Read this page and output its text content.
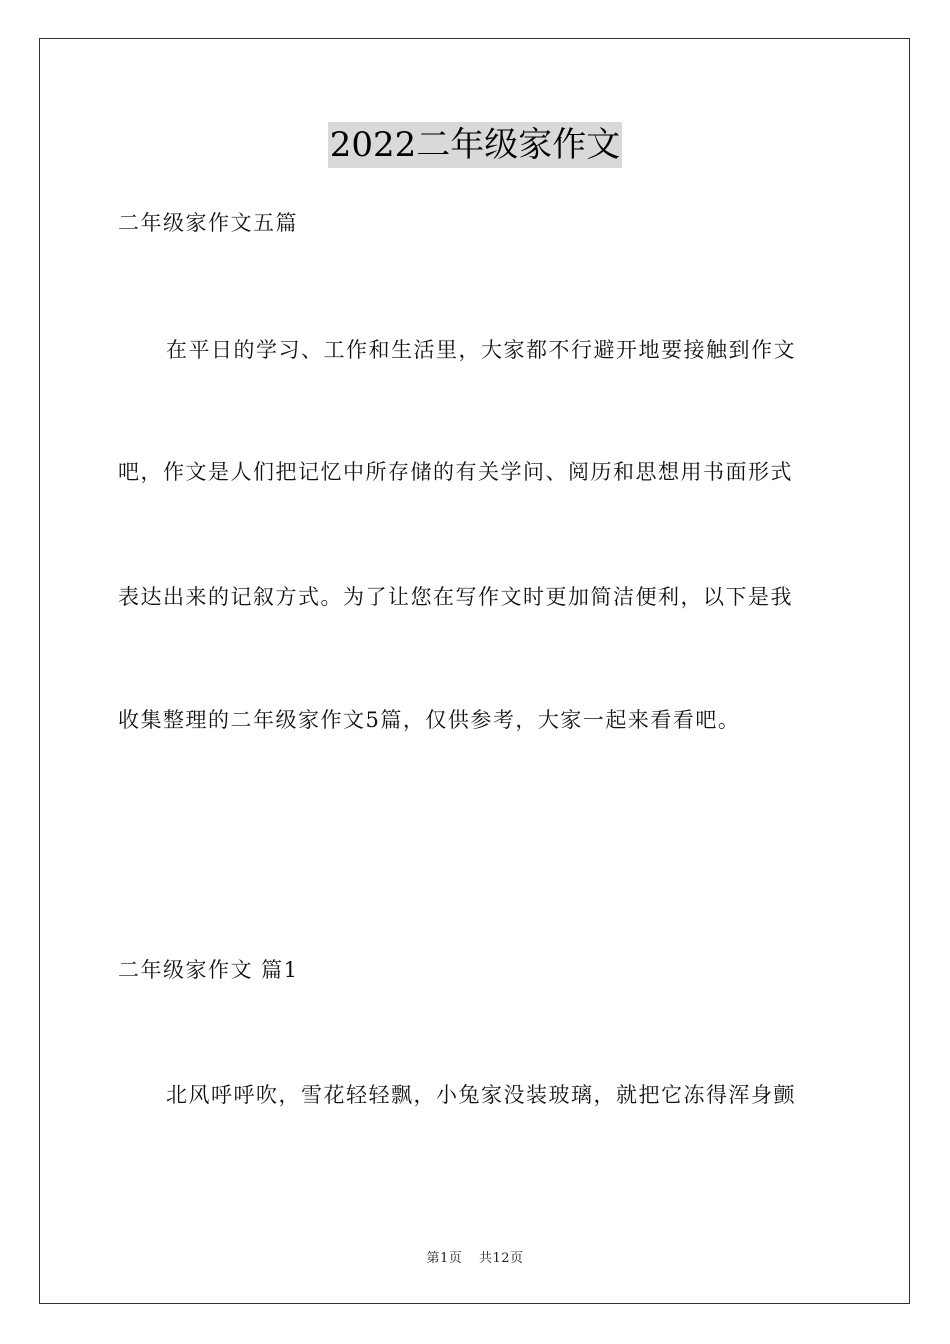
2022二年级家作文
二年级家作文五篇
在平日的学习、工作和生活里，大家都不行避开地要接触到作文
吧，作文是人们把记忆中所存储的有关学问、阅历和思想用书面形式
表达出来的记叙方式。为了让您在写作文时更加简洁便利，以下是我
收集整理的二年级家作文5篇，仅供参考，大家一起来看看吧。
二年级家作文 篇1
北风呼呼吹，雪花轻轻飘，小兔家没装玻璃，就把它冻得浑身颤
第1页 共12页
